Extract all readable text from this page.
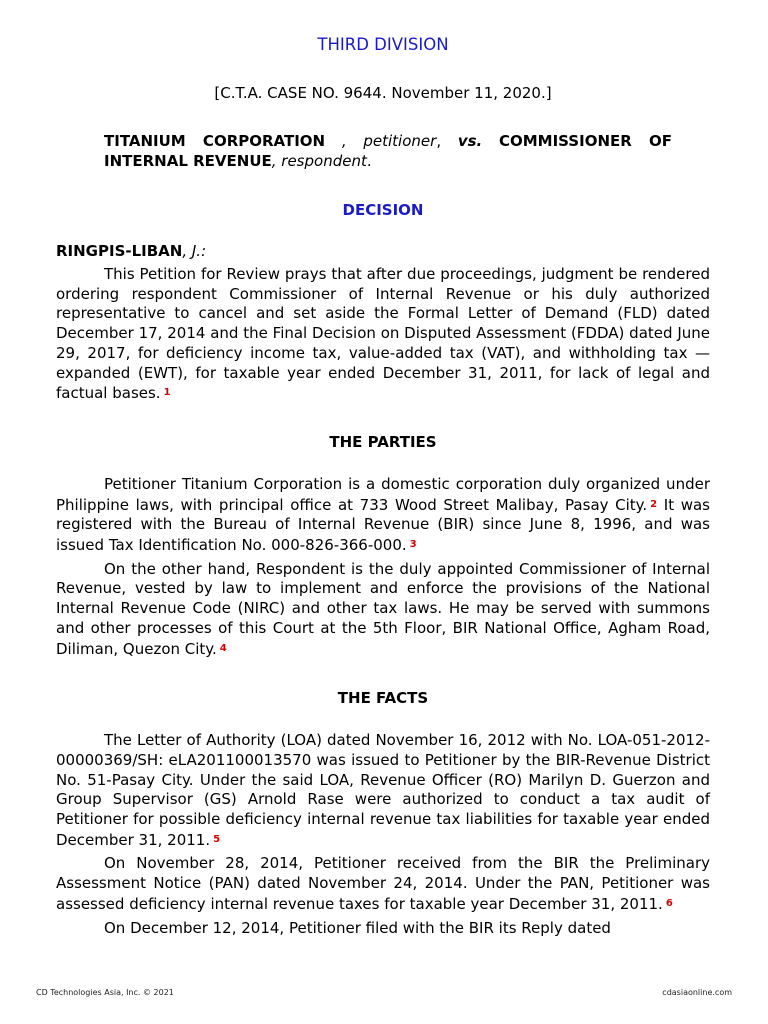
THIRD DIVISION
[C.T.A. CASE NO. 9644. November 11, 2020.]
TITANIUM CORPORATION , petitioner, vs. COMMISSIONER OF INTERNAL REVENUE, respondent.
DECISION
RINGPIS-LIBAN, J.:

This Petition for Review prays that after due proceedings, judgment be rendered ordering respondent Commissioner of Internal Revenue or his duly authorized representative to cancel and set aside the Formal Letter of Demand (FLD) dated December 17, 2014 and the Final Decision on Disputed Assessment (FDDA) dated June 29, 2017, for deficiency income tax, value-added tax (VAT), and withholding tax — expanded (EWT), for taxable year ended December 31, 2011, for lack of legal and factual bases. $^1$

THE PARTIES

Petitioner Titanium Corporation is a domestic corporation duly organized under Philippine laws, with principal office at 733 Wood Street Malibay, Pasay City. $^2$ It was registered with the Bureau of Internal Revenue (BIR) since June 8, 1996, and was issued Tax Identification No. 000-826-366-000. $^3$

On the other hand, Respondent is the duly appointed Commissioner of Internal Revenue, vested by law to implement and enforce the provisions of the National Internal Revenue Code (NIRC) and other tax laws. He may be served with summons and other processes of this Court at the 5th Floor, BIR National Office, Agham Road, Diliman, Quezon City. $^4$

THE FACTS

The Letter of Authority (LOA) dated November 16, 2012 with No. LOA-051-2012-00000369/SH: eLA201100013570 was issued to Petitioner by the BIR-Revenue District No. 51-Pasay City. Under the said LOA, Revenue Officer (RO) Marilyn D. Guerzon and Group Supervisor (GS) Arnold Rase were authorized to conduct a tax audit of Petitioner for possible deficiency internal revenue tax liabilities for taxable year ended December 31, 2011. $^5$

On November 28, 2014, Petitioner received from the BIR the Preliminary Assessment Notice (PAN) dated November 24, 2014. Under the PAN, Petitioner was assessed deficiency internal revenue taxes for taxable year December 31, 2011. $^6$

On December 12, 2014, Petitioner filed with the BIR its Reply dated

CD Technologies Asia, Inc. © 2021	cdasiaonline.com
